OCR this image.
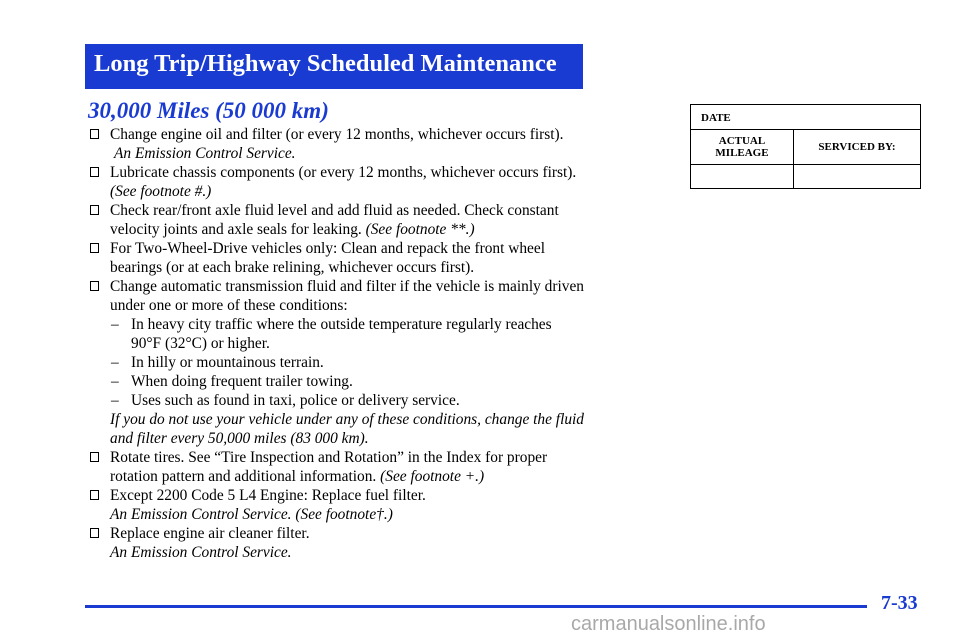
Long Trip/Highway Scheduled Maintenance
30,000 Miles (50 000 km)
Change engine oil and filter (or every 12 months, whichever occurs first).
An Emission Control Service.
Lubricate chassis components (or every 12 months, whichever occurs first).
(See footnote #.)
Check rear/front axle fluid level and add fluid as needed. Check constant
velocity joints and axle seals for leaking. (See footnote **.)
For Two-Wheel-Drive vehicles only: Clean and repack the front wheel
bearings (or at each brake relining, whichever occurs first).
Change automatic transmission fluid and filter if the vehicle is mainly driven
under one or more of these conditions:
– In heavy city traffic where the outside temperature regularly reaches
90°F (32°C) or higher.
– In hilly or mountainous terrain.
– When doing frequent trailer towing.
– Uses such as found in taxi, police or delivery service.
If you do not use your vehicle under any of these conditions, change the fluid
and filter every 50,000 miles (83 000 km).
Rotate tires. See “Tire Inspection and Rotation” in the Index for proper
rotation pattern and additional information. (See footnote +.)
Except 2200 Code 5 L4 Engine: Replace fuel filter.
An Emission Control Service. (See footnote†.)
Replace engine air cleaner filter.
An Emission Control Service.
DATE
ACTUAL
MILEAGE	SERVICED BY:
7-33
carmanualsonline.info
